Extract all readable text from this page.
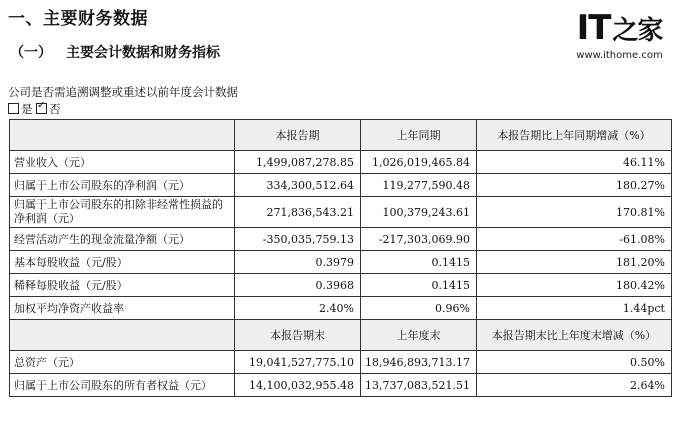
一、主要财务数据
（一） 主要会计数据和财务指标
公司是否需追溯调整或重述以前年度会计数据
是 ✓ 否
IT之家
www.ithome.com
	本报告期	上年同期	本报告期比上年同期增减（%）
营业收入（元）	1,499,087,278.85	1,026,019,465.84	46.11%
归属于上市公司股东的净利润（元）	334,300,512.64	119,277,590.48	180.27%
归属于上市公司股东的扣除非经常性损益的净利润（元）	271,836,543.21	100,379,243.61	170.81%
经营活动产生的现金流量净额（元）	-350,035,759.13	-217,303,069.90	-61.08%
基本每股收益（元/股）	0.3979	0.1415	181.20%
稀释每股收益（元/股）	0.3968	0.1415	180.42%
加权平均净资产收益率	2.40%	0.96%	1.44pct
	本报告期末	上年度末	本报告期末比上年度末增减（%）
总资产（元）	19,041,527,775.10	18,946,893,713.17	0.50%
归属于上市公司股东的所有者权益（元）	14,100,032,955.48	13,737,083,521.51	2.64%
